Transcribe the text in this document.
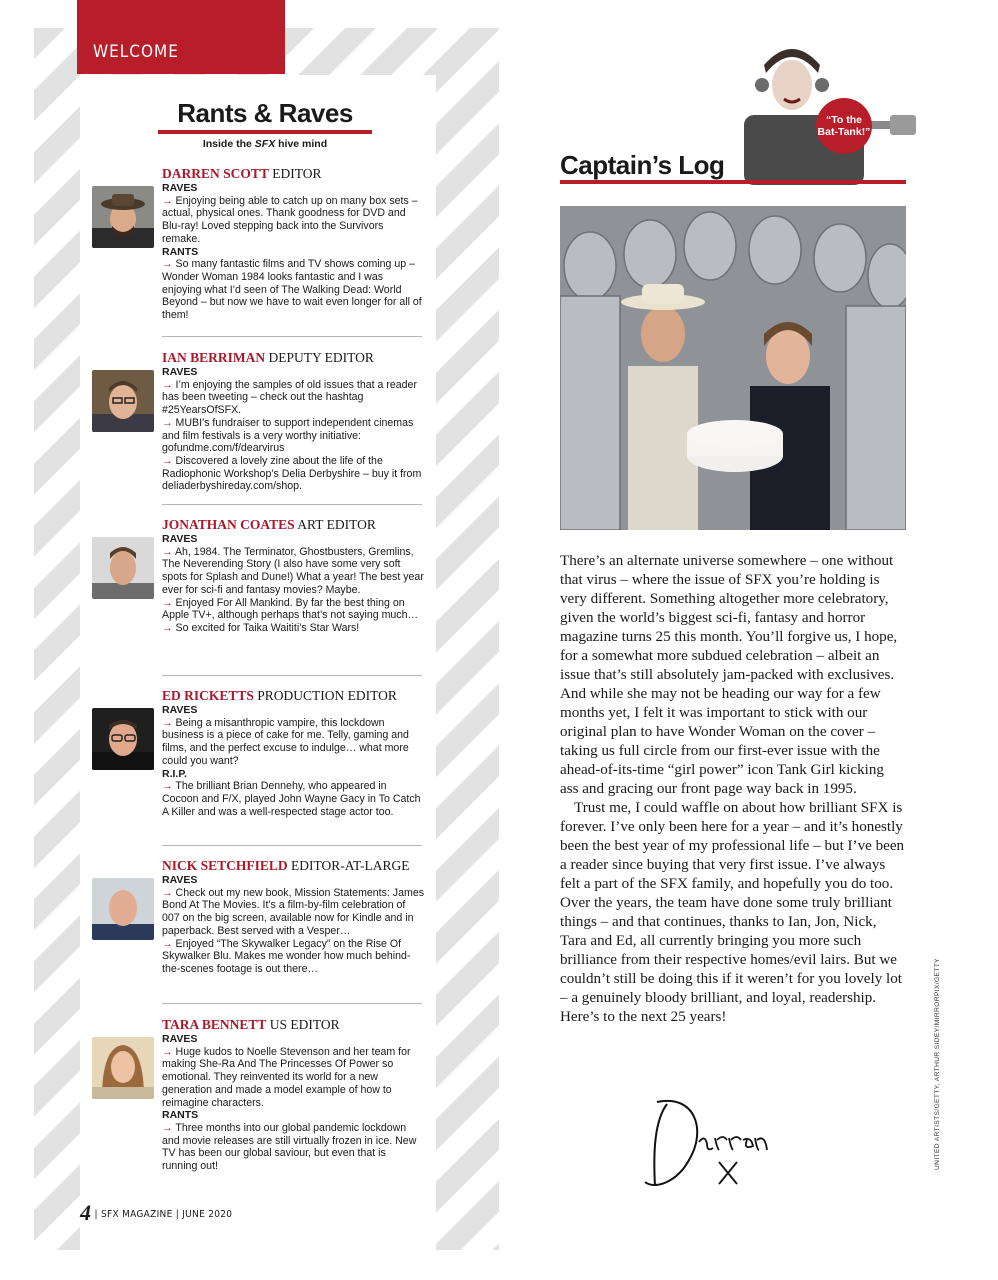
WELCOME
Rants & Raves
Inside the SFX hive mind
DARREN SCOTT EDITOR
RAVES
→ Enjoying being able to catch up on many box sets – actual, physical ones. Thank goodness for DVD and Blu-ray! Loved stepping back into the Survivors remake.
RANTS
→ So many fantastic films and TV shows coming up – Wonder Woman 1984 looks fantastic and I was enjoying what I’d seen of The Walking Dead: World Beyond – but now we have to wait even longer for all of them!
IAN BERRIMAN DEPUTY EDITOR
RAVES
→ I’m enjoying the samples of old issues that a reader has been tweeting – check out the hashtag #25YearsOfSFX.
→ MUBI’s fundraiser to support independent cinemas and film festivals is a very worthy initiative: gofundme.com/f/dearvirus
→ Discovered a lovely zine about the life of the Radiophonic Workshop’s Delia Derbyshire – buy it from deliaderbyshireday.com/shop.
JONATHAN COATES ART EDITOR
RAVES
→ Ah, 1984. The Terminator, Ghostbusters, Gremlins, The Neverending Story (I also have some very soft spots for Splash and Dune!) What a year! The best year ever for sci-fi and fantasy movies? Maybe.
→ Enjoyed For All Mankind. By far the best thing on Apple TV+, although perhaps that’s not saying much…
→ So excited for Taika Waititi’s Star Wars!
ED RICKETTS PRODUCTION EDITOR
RAVES
→ Being a misanthropic vampire, this lockdown business is a piece of cake for me. Telly, gaming and films, and the perfect excuse to indulge… what more could you want?
R.I.P.
→ The brilliant Brian Dennehy, who appeared in Cocoon and F/X, played John Wayne Gacy in To Catch A Killer and was a well-respected stage actor too.
NICK SETCHFIELD EDITOR-AT-LARGE
RAVES
→ Check out my new book, Mission Statements: James Bond At The Movies. It’s a film-by-film celebration of 007 on the big screen, available now for Kindle and in paperback. Best served with a Vesper…
→ Enjoyed “The Skywalker Legacy” on the Rise Of Skywalker Blu. Makes me wonder how much behind-the-scenes footage is out there…
TARA BENNETT US EDITOR
RAVES
→ Huge kudos to Noelle Stevenson and her team for making She-Ra And The Princesses Of Power so emotional. They reinvented its world for a new generation and made a model example of how to reimagine characters.
RANTS
→ Three months into our global pandemic lockdown and movie releases are still virtually frozen in ice. New TV has been our global saviour, but even that is running out!
4 | SFX MAGAZINE | JUNE 2020
“To the Bat-Tank!”
Captain’s Log

There’s an alternate universe somewhere – one without that virus – where the issue of SFX you’re holding is very different. Something altogether more celebratory, given the world’s biggest sci-fi, fantasy and horror magazine turns 25 this month. You’ll forgive us, I hope, for a somewhat more subdued celebration – albeit an issue that’s still absolutely jam-packed with exclusives. And while she may not be heading our way for a few months yet, I felt it was important to stick with our original plan to have Wonder Woman on the cover – taking us full circle from our first-ever issue with the ahead-of-its-time “girl power” icon Tank Girl kicking ass and gracing our front page way back in 1995.

Trust me, I could waffle on about how brilliant SFX is forever. I’ve only been here for a year – and it’s honestly been the best year of my professional life – but I’ve been a reader since buying that very first issue. I’ve always felt a part of the SFX family, and hopefully you do too. Over the years, the team have done some truly brilliant things – and that continues, thanks to Ian, Jon, Nick, Tara and Ed, all currently bringing you more such brilliance from their respective homes/evil lairs. But we couldn’t still be doing this if it weren’t for you lovely lot – a genuinely bloody brilliant, and loyal, readership. Here’s to the next 25 years!	UNITED ARTISTS/GETTY, ARTHUR SIDEY/MIRRORPIX/GETTY
